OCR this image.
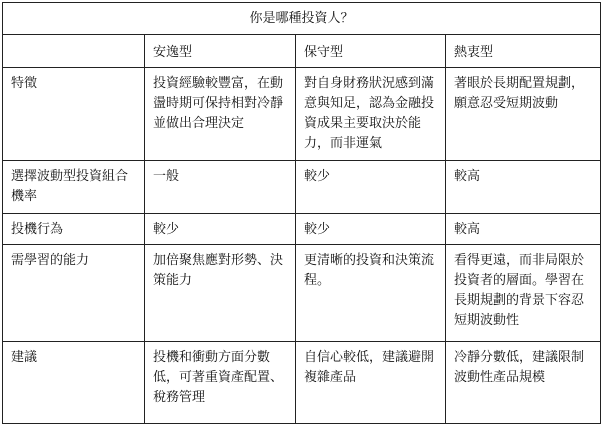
你是哪種投資人？			
	安逸型	保守型	熱衷型
特徵	投資經驗較豐富，在動盪時期可保持相對冷靜並做出合理決定	對自身財務狀況感到滿意與知足，認為金融投資成果主要取決於能力，而非運氣	著眼於長期配置規劃，願意忍受短期波動
選擇波動型投資組合機率	一般	較少	較高
投機行為	較少	較少	較高
需學習的能力	加倍聚焦應對形勢、決策能力	更清晰的投資和決策流程。	看得更遠，而非局限於投資者的層面。學習在長期規劃的背景下容忍短期波動性
建議	投機和衝動方面分數低，可著重資產配置、稅務管理	自信心較低，建議避開複雜產品	冷靜分數低，建議限制波動性產品規模
